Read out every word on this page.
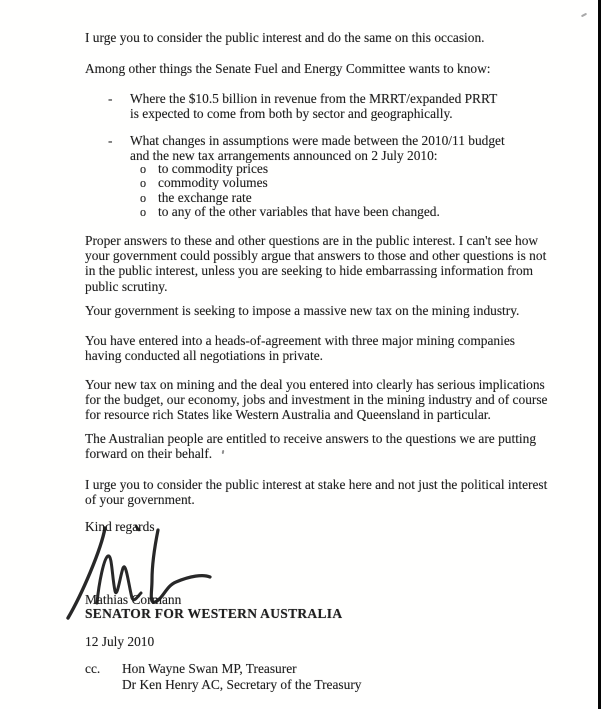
I urge you to consider the public interest and do the same on this occasion.

Among other things the Senate Fuel and Energy Committee wants to know:

-	Where the $10.5 billion in revenue from the MRRT/expanded PRRT
is expected to come from both by sector and geographically.
-	What changes in assumptions were made between the 2010/11 budget
and the new tax arrangements announced on 2 July 2010:
o to commodity prices
o commodity volumes
o the exchange rate
o to any of the other variables that have been changed.

Proper answers to these and other questions are in the public interest. I can't see how
your government could possibly argue that answers to those and other questions is not
in the public interest, unless you are seeking to hide embarrassing information from
public scrutiny.

Your government is seeking to impose a massive new tax on the mining industry.

You have entered into a heads-of-agreement with three major mining companies
having conducted all negotiations in private.

Your new tax on mining and the deal you entered into clearly has serious implications
for the budget, our economy, jobs and investment in the mining industry and of course
for resource rich States like Western Australia and Queensland in particular.

The Australian people are entitled to receive answers to the questions we are putting
forward on their behalf.

I urge you to consider the public interest at stake here and not just the political interest
of your government.

Kind regards

Mathias Cormann

SENATOR FOR WESTERN AUSTRALIA

12 July 2010

cc.	Hon Wayne Swan MP, Treasurer
Dr Ken Henry AC, Secretary of the Treasury
